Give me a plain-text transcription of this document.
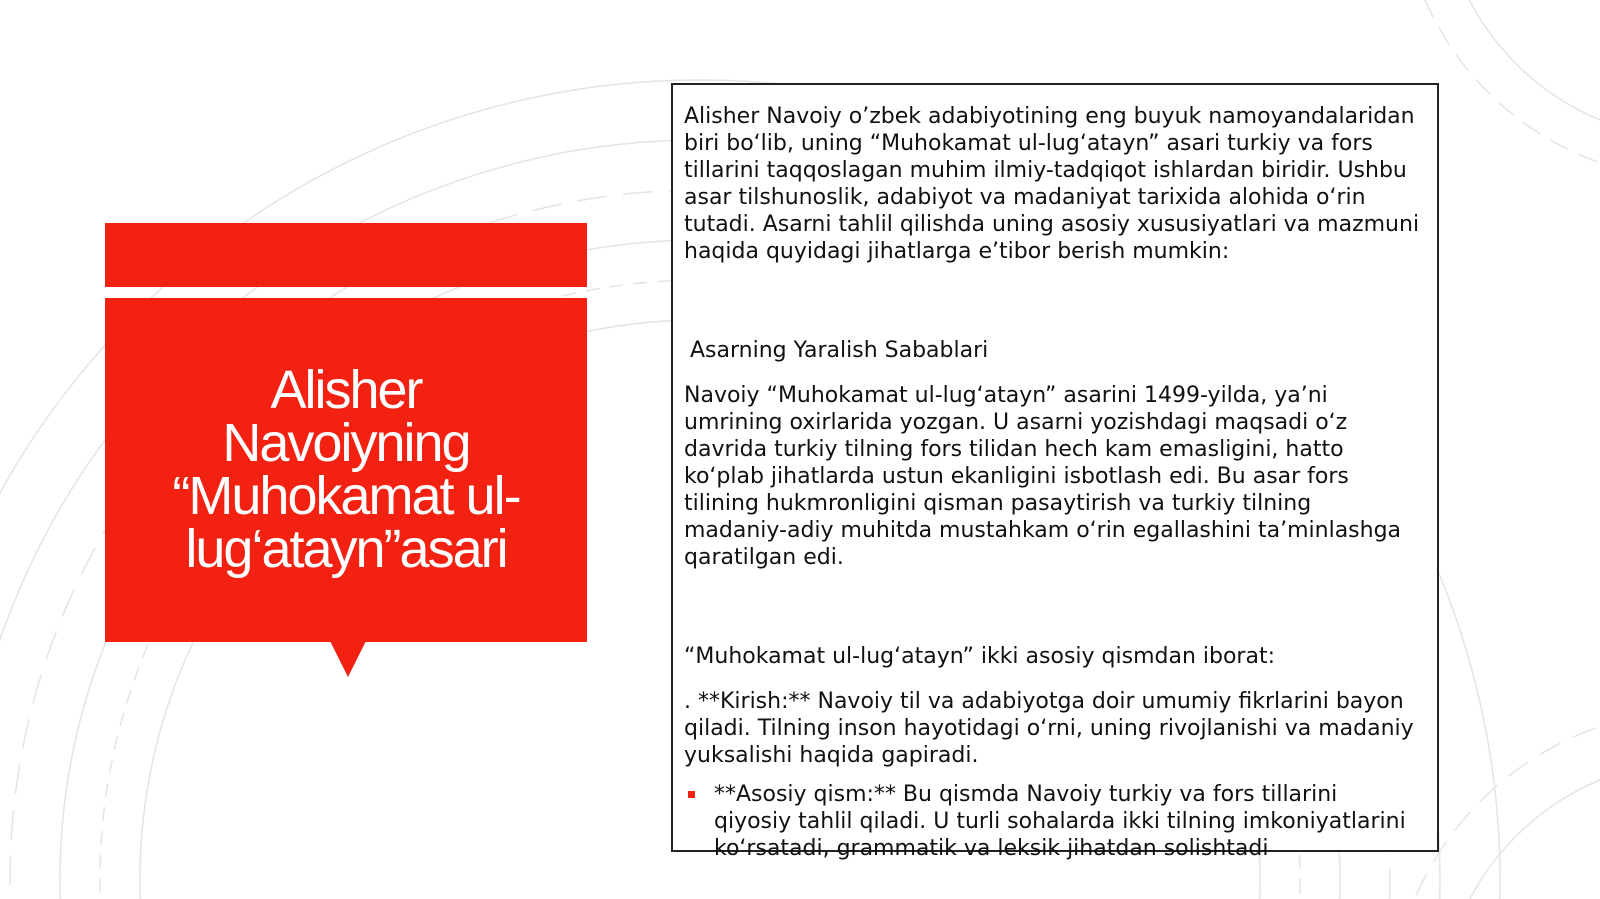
Alisher
Navoiyning
“Muhokamat ul-
lug‘atayn”asari

Alisher Navoiy o’zbek adabiyotining eng buyuk namoyandalaridan biri bo‘lib, uning “Muhokamat ul-lug‘atayn” asari turkiy va fors tillarini taqqoslagan muhim ilmiy-tadqiqot ishlardan biridir. Ushbu asar tilshunoslik, adabiyot va madaniyat tarixida alohida o‘rin tutadi. Asarni tahlil qilishda uning asosiy xususiyatlari va mazmuni haqida quyidagi jihatlarga e’tibor berish mumkin:

Asarning Yaralish Sabablari

Navoiy “Muhokamat ul-lug‘atayn” asarini 1499-yilda, ya’ni umrining oxirlarida yozgan. U asarni yozishdagi maqsadi o‘z davrida turkiy tilning fors tilidan hech kam emasligini, hatto ko‘plab jihatlarda ustun ekanligini isbotlash edi. Bu asar fors tilining hukmronligini qisman pasaytirish va turkiy tilning madaniy-adiy muhitda mustahkam o‘rin egallashini ta’minlashga qaratilgan edi.

“Muhokamat ul-lug‘atayn” ikki asosiy qismdan iborat:

. **Kirish:** Navoiy til va adabiyotga doir umumiy fikrlarini bayon qiladi. Tilning inson hayotidagi o‘rni, uning rivojlanishi va madaniy yuksalishi haqida gapiradi.

**Asosiy qism:** Bu qismda Navoiy turkiy va fors tillarini qiyosiy tahlil qiladi. U turli sohalarda ikki tilning imkoniyatlarini ko‘rsatadi, grammatik va leksik jihatdan solishtadi
